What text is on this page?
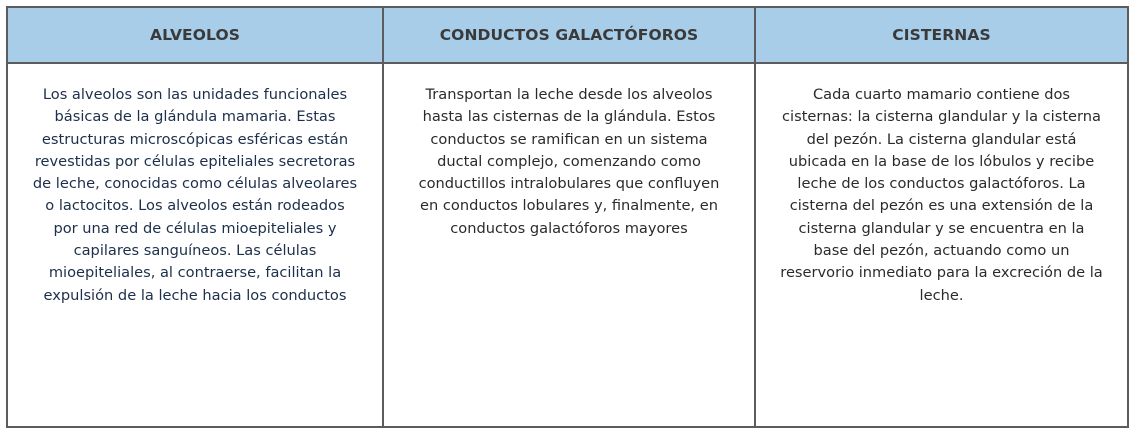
ALVEOLOS	CONDUCTOS GALACTÓFOROS	CISTERNAS
Los alveolos son las unidades funcionales básicas de la glándula mamaria. Estas estructuras microscópicas esféricas están revestidas por células epiteliales secretoras de leche, conocidas como células alveolares o lactocitos. Los alveolos están rodeados por una red de células mioepiteliales y capilares sanguíneos. Las células mioepiteliales, al contraerse, facilitan la expulsión de la leche hacia los conductos
Transportan la leche desde los alveolos hasta las cisternas de la glándula. Estos conductos se ramifican en un sistema ductal complejo, comenzando como conductillos intralobulares que confluyen en conductos lobulares y, finalmente, en conductos galactóforos mayores
Cada cuarto mamario contiene dos cisternas: la cisterna glandular y la cisterna del pezón. La cisterna glandular está ubicada en la base de los lóbulos y recibe leche de los conductos galactóforos. La cisterna del pezón es una extensión de la cisterna glandular y se encuentra en la base del pezón, actuando como un reservorio inmediato para la excreción de la leche.
